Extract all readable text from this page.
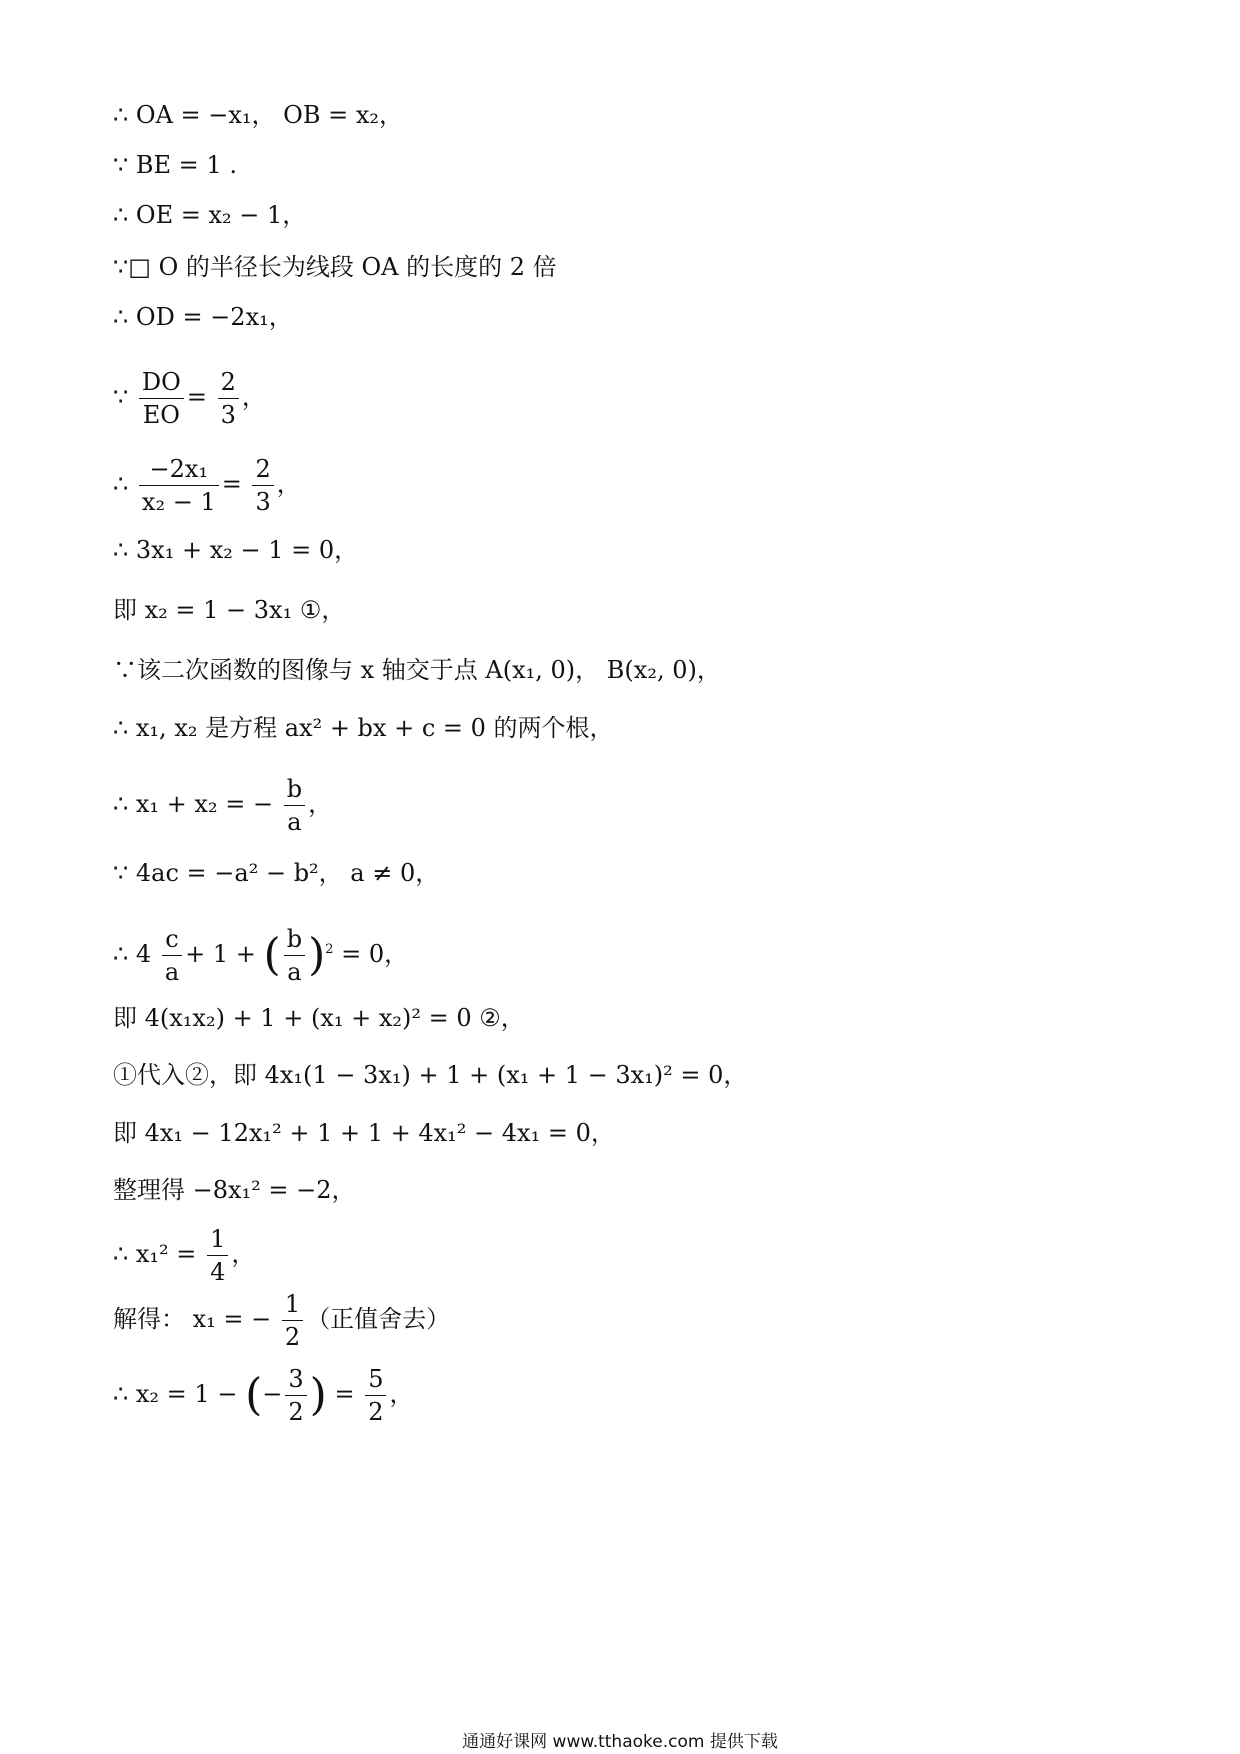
∴ OA = −x₁， OB = x₂，
∵ BE = 1 .
∴ OE = x₂ − 1，
∵□ O 的半径长为线段 OA 的长度的 2 倍
∴ OD = −2x₁，
∵ $\frac{DO}{EO} = \frac{2}{3}$ ，
∴ $\frac{\text{−2x₁}}{\text{x₂ − 1}} = \frac{2}{3}$ ，
∴ 3x₁ + x₂ − 1 = 0，
即 x₂ = 1 − 3x₁ ①，
∵该二次函数的图像与 x 轴交于点 A(x₁, 0)， B(x₂, 0)，
∴ x₁, x₂ 是方程 ax² + bx + c = 0 的两个根，
∴ x₁ + x₂ = − $\frac{b}{a}$ ，
∵ 4ac = −a² − b²， a ≠ 0，
∴ $4 \frac{c}{a} + 1$ + ( $\frac{b}{a} )^2 = 0$，
即 4(x₁x₂) + 1 + (x₁ + x₂)² = 0 ②，
①代入②，即 4x₁(1 − 3x₁) + 1 + (x₁ + 1 − 3x₁)² = 0，
即 4x₁ − 12x₁² + 1 + 1 + 4x₁² − 4x₁ = 0，
整理得 −8x₁² = −2，
∴ $x_1^2 = \frac{1}{4}$ ，
解得： x₁ = − $\frac{1}{2}$ （正值舍去）
∴ x₂ = 1 − (− $\frac{3}{2}$ ) = $\frac{5}{2}$ ，
通通好课网 www.tthaoke.com 提供下载
